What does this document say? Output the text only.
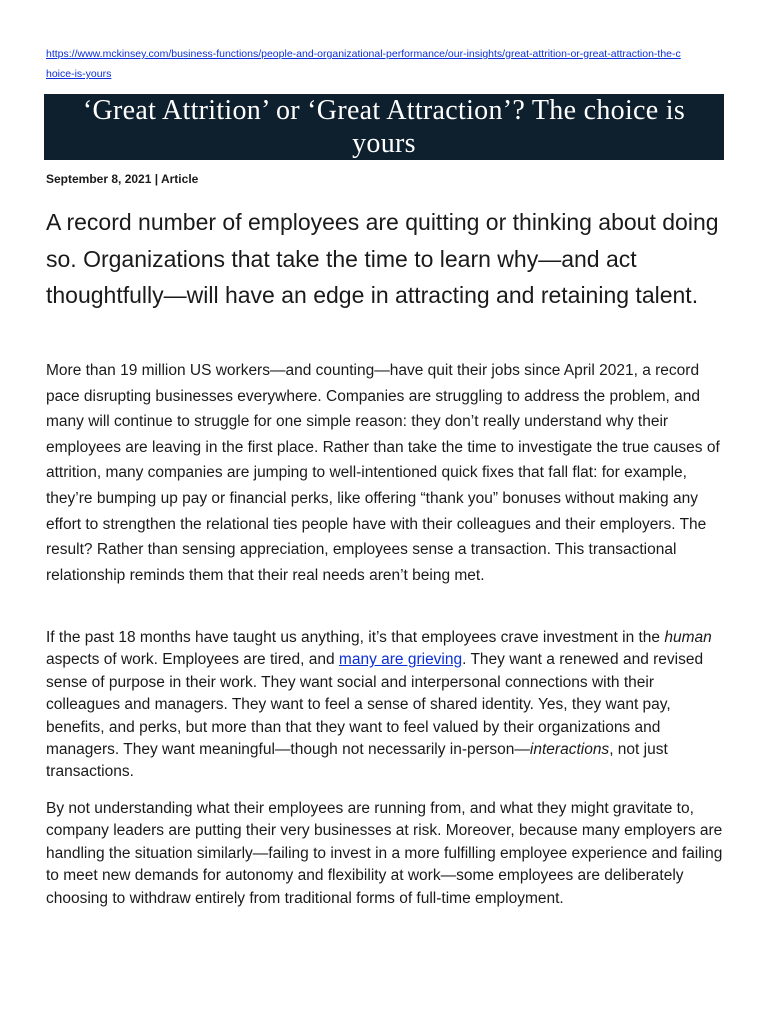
https://www.mckinsey.com/business-functions/people-and-organizational-performance/our-insights/great-attrition-or-great-attraction-the-choice-is-yours
‘Great Attrition’ or ‘Great Attraction’? The choice is yours
September 8, 2021 | Article
A record number of employees are quitting or thinking about doing so. Organizations that take the time to learn why—and act thoughtfully—will have an edge in attracting and retaining talent.

More than 19 million US workers—and counting—have quit their jobs since April 2021, a record pace disrupting businesses everywhere. Companies are struggling to address the problem, and many will continue to struggle for one simple reason: they don’t really understand why their employees are leaving in the first place. Rather than take the time to investigate the true causes of attrition, many companies are jumping to well-intentioned quick fixes that fall flat: for example, they’re bumping up pay or financial perks, like offering “thank you” bonuses without making any effort to strengthen the relational ties people have with their colleagues and their employers. The result? Rather than sensing appreciation, employees sense a transaction. This transactional relationship reminds them that their real needs aren’t being met.

If the past 18 months have taught us anything, it’s that employees crave investment in the human aspects of work. Employees are tired, and many are grieving. They want a renewed and revised sense of purpose in their work. They want social and interpersonal connections with their colleagues and managers. They want to feel a sense of shared identity. Yes, they want pay, benefits, and perks, but more than that they want to feel valued by their organizations and managers. They want meaningful—though not necessarily in-person—interactions, not just transactions.

By not understanding what their employees are running from, and what they might gravitate to, company leaders are putting their very businesses at risk. Moreover, because many employers are handling the situation similarly—failing to invest in a more fulfilling employee experience and failing to meet new demands for autonomy and flexibility at work—some employees are deliberately choosing to withdraw entirely from traditional forms of full-time employment.
